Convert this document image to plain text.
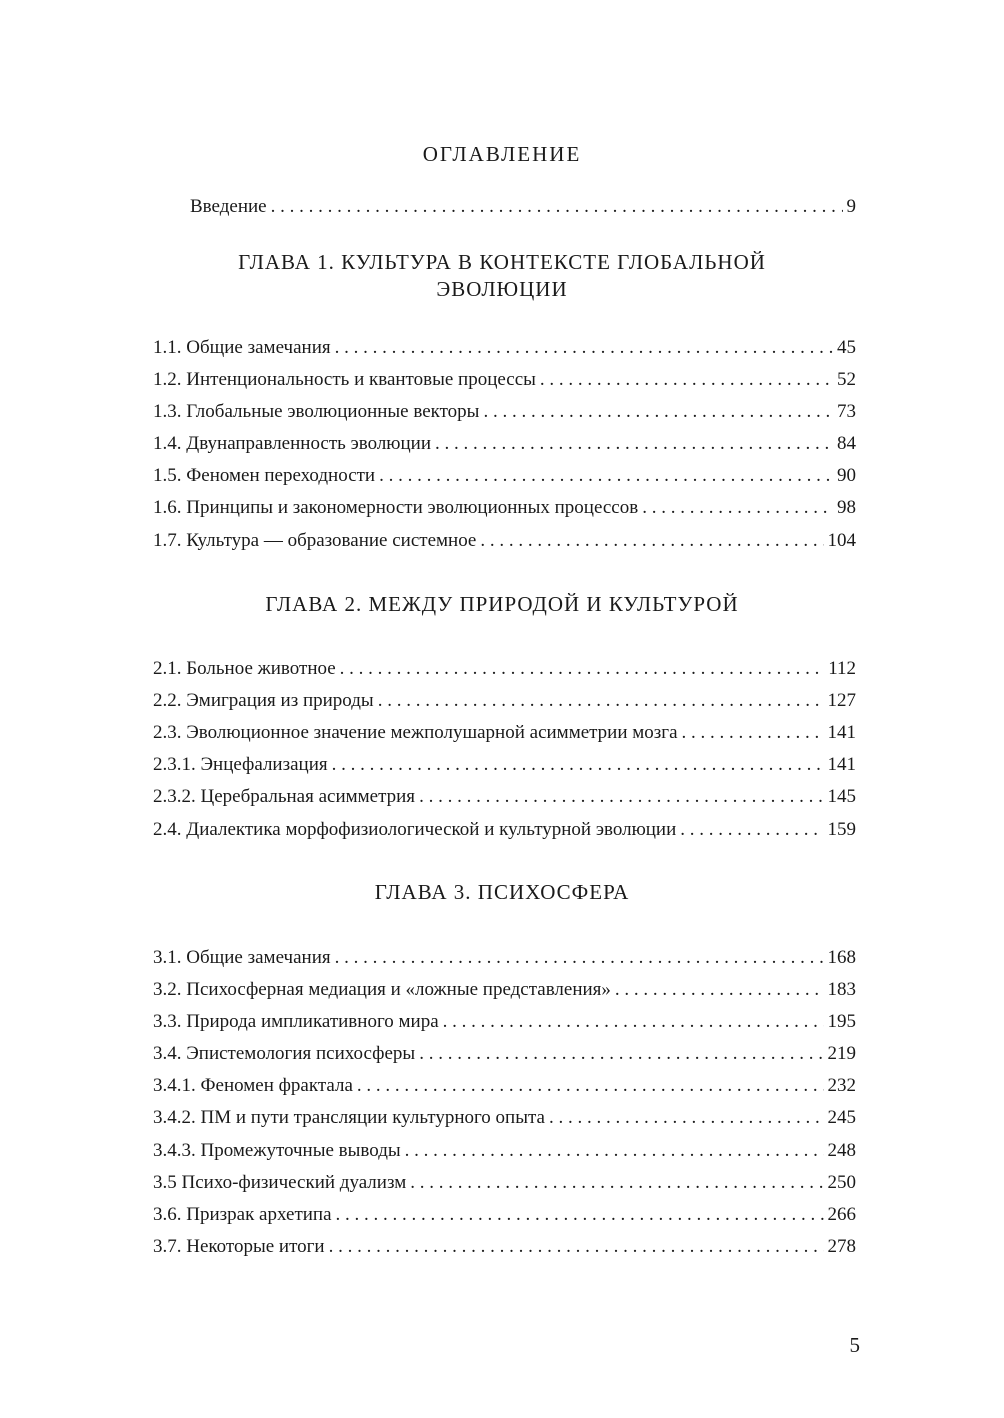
ОГЛАВЛЕНИЕ
Введение . . .	9
ГЛАВА 1. КУЛЬТУРА В КОНТЕКСТЕ ГЛОБАЛЬНОЙ
ЭВОЛЮЦИИ
1.1. Общие замечания . . .	45
1.2. Интенциональность и квантовые процессы . . .	52
1.3. Глобальные эволюционные векторы . . .	73
1.4. Двунаправленность эволюции . . .	84
1.5. Феномен переходности . . .	90
1.6. Принципы и закономерности эволюционных процессов . . .	98
1.7. Культура — образование системное . . .	104
ГЛАВА 2. МЕЖДУ ПРИРОДОЙ И КУЛЬТУРОЙ
2.1. Больное животное . . .	112
2.2. Эмиграция из природы . . .	127
2.3. Эволюционное значение межполушарной асимметрии мозга . . .	141
2.3.1. Энцефализация . . .	141
2.3.2. Церебральная асимметрия . . .	145
2.4. Диалектика морфофизиологической и культурной эволюции . . .	159
ГЛАВА 3. ПСИХОСФЕРА
3.1. Общие замечания . . .	168
3.2. Психосферная медиация и «ложные представления» . . .	183
3.3. Природа импликативного мира . . .	195
3.4. Эпистемология психосферы . . .	219
3.4.1. Феномен фрактала . . .	232
3.4.2. ПМ и пути трансляции культурного опыта . . .	245
3.4.3. Промежуточные выводы . . .	248
3.5 Психо-физический дуализм . . .	250
3.6. Призрак архетипа . . .	266
3.7. Некоторые итоги . . .	278
5
